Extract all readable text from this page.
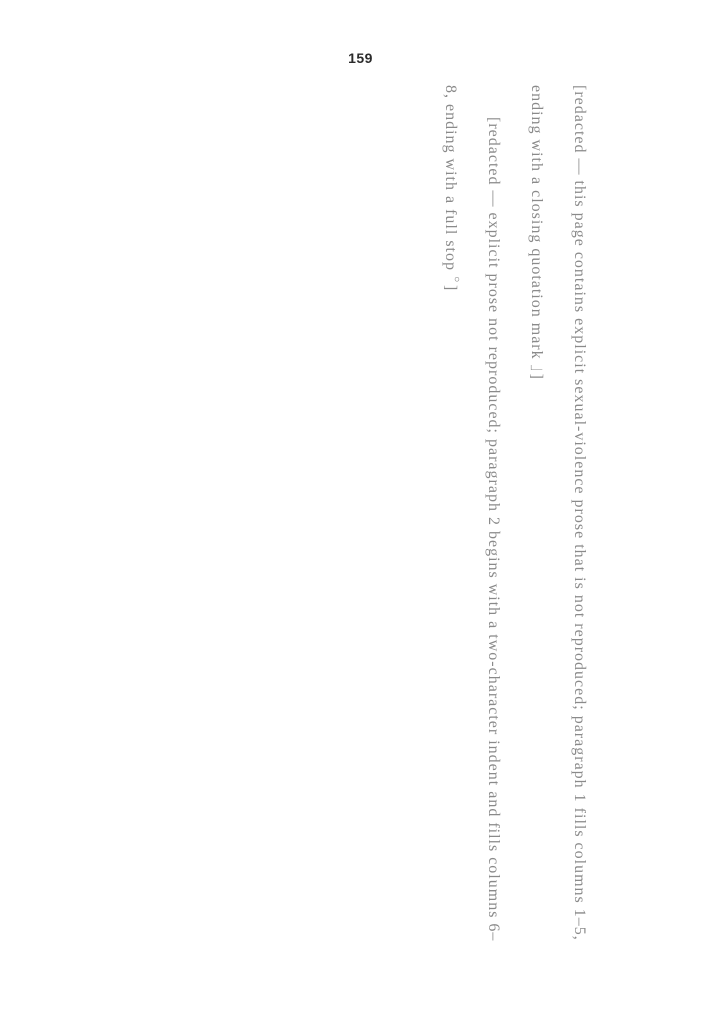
159

[redacted — this page contains explicit sexual-violence prose that is not reproduced; paragraph 1 fills columns 1–5, ending with a closing quotation mark 」]

[redacted — explicit prose not reproduced; paragraph 2 begins with a two-character indent and fills columns 6–8, ending with a full stop 。]
